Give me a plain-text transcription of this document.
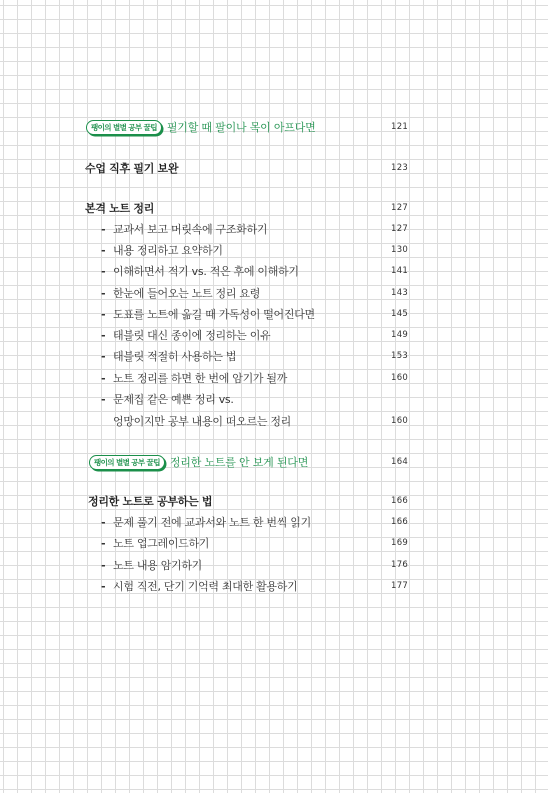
팽이의 별별 공부 꿀팁 필기할 때 팔이나 목이 아프다면	121
수업 직후 필기 보완	123
본격 노트 정리	127
- 교과서 보고 머릿속에 구조화하기	127
- 내용 정리하고 요약하기	130
- 이해하면서 적기 vs. 적은 후에 이해하기	141
- 한눈에 들어오는 노트 정리 요령	143
- 도표를 노트에 옮길 때 가독성이 떨어진다면	145
- 태블릿 대신 종이에 정리하는 이유	149
- 태블릿 적절히 사용하는 법	153
- 노트 정리를 하면 한 번에 암기가 될까	160
- 문제집 같은 예쁜 정리 vs.
엉망이지만 공부 내용이 떠오르는 정리	160
팽이의 별별 공부 꿀팁 정리한 노트를 안 보게 된다면	164
정리한 노트로 공부하는 법	166
- 문제 풀기 전에 교과서와 노트 한 번씩 읽기	166
- 노트 업그레이드하기	169
- 노트 내용 암기하기	176
- 시험 직전, 단기 기억력 최대한 활용하기	177
